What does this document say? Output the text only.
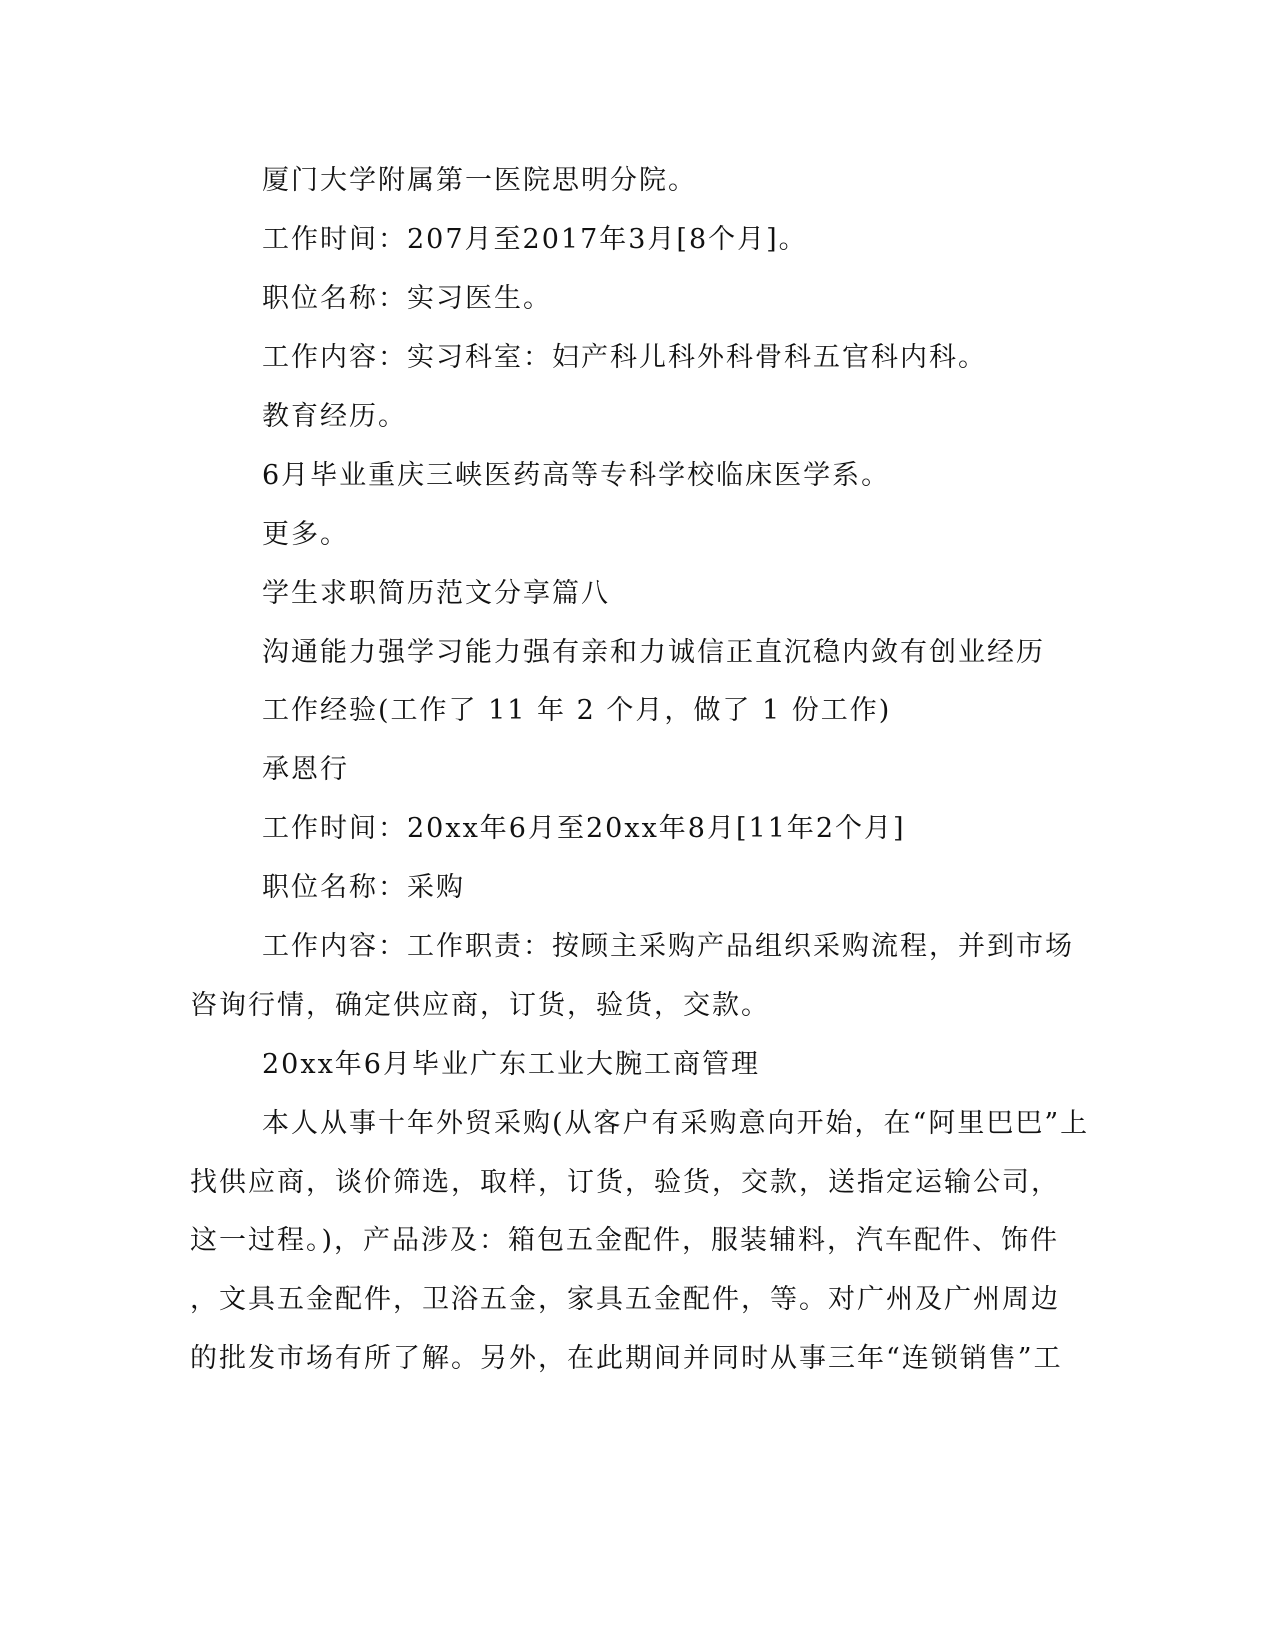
厦门大学附属第一医院思明分院。
工作时间：207月至2017年3月[8个月]。
职位名称：实习医生。
工作内容：实习科室：妇产科儿科外科骨科五官科内科。
教育经历。
6月毕业重庆三峡医药高等专科学校临床医学系。
更多。
学生求职简历范文分享篇八
沟通能力强学习能力强有亲和力诚信正直沉稳内敛有创业经历
工作经验(工作了 11 年 2 个月，做了 1 份工作)
承恩行
工作时间：20xx年6月至20xx年8月[11年2个月]
职位名称：采购
工作内容：工作职责：按顾主采购产品组织采购流程，并到市场
咨询行情，确定供应商，订货，验货，交款。
20xx年6月毕业广东工业大腕工商管理
本人从事十年外贸采购(从客户有采购意向开始，在“阿里巴巴”上
找供应商，谈价筛选，取样，订货，验货，交款，送指定运输公司，
这一过程。)，产品涉及：箱包五金配件，服装辅料，汽车配件、饰件
，文具五金配件，卫浴五金，家具五金配件，等。对广州及广州周边
的批发市场有所了解。另外，在此期间并同时从事三年“连锁销售”工
